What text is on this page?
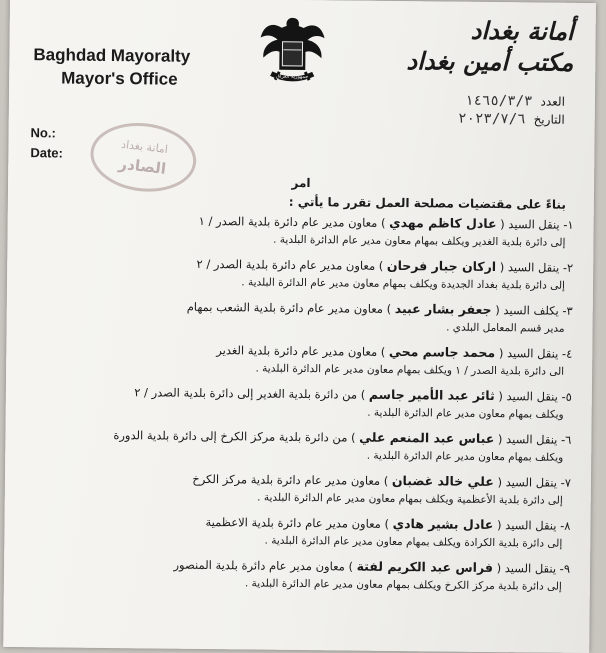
Baghdad Mayoralty
Mayor's Office	جمهورية العراق
أمانة بغداد
مكتب أمين بغداد
العدد١٤٦٥/٣/٣
التاريخ٢٠٢٣/٧/٦
No.:
Date:	امانة بغداد
الصادر
امر
بناءً على مقتضيات مصلحة العمل تقرر ما يأتي :
١- ينقل السيد ( عادل كاظم مهدي ) معاون مدير عام دائرة بلدية الصدر / ١
إلى دائرة بلدية الغدير ويكلف بمهام معاون مدير عام الدائرة البلدية .
٢- ينقل السيد ( اركان جبار فرحان ) معاون مدير عام دائرة بلدية الصدر / ٢
إلى دائرة بلدية بغداد الجديدة ويكلف بمهام معاون مدير عام الدائرة البلدية .
٣- يكلف السيد ( جعفر بشار عبيد ) معاون مدير عام دائرة بلدية الشعب بمهام
مدير قسم المعامل البلدي .
٤- ينقل السيد ( محمد جاسم محي ) معاون مدير عام دائرة بلدية الغدير
الى دائرة بلدية الصدر / ١ ويكلف بمهام معاون مدير عام الدائرة البلدية .
٥- ينقل السيد ( ثائر عبد الأمير جاسم ) من دائرة بلدية الغدير إلى دائرة بلدية الصدر / ٢
ويكلف بمهام معاون مدير عام الدائرة البلدية .
٦- ينقل السيد ( عباس عبد المنعم علي ) من دائرة بلدية مركز الكرخ إلى دائرة بلدية الدورة
ويكلف بمهام معاون مدير عام الدائرة البلدية .
٧- ينقل السيد ( علي خالد غضبان ) معاون مدير عام دائرة بلدية مركز الكرخ
إلى دائرة بلدية الأعظمية ويكلف بمهام معاون مدير عام الدائرة البلدية .
٨- ينقل السيد ( عادل بشير هادي ) معاون مدير عام دائرة بلدية الاعظمية
إلى دائرة بلدية الكرادة ويكلف بمهام معاون مدير عام الدائرة البلدية .
٩- ينقل السيد ( فراس عبد الكريم لفتة ) معاون مدير عام دائرة بلدية المنصور
إلى دائرة بلدية مركز الكرخ ويكلف بمهام معاون مدير عام الدائرة البلدية .
